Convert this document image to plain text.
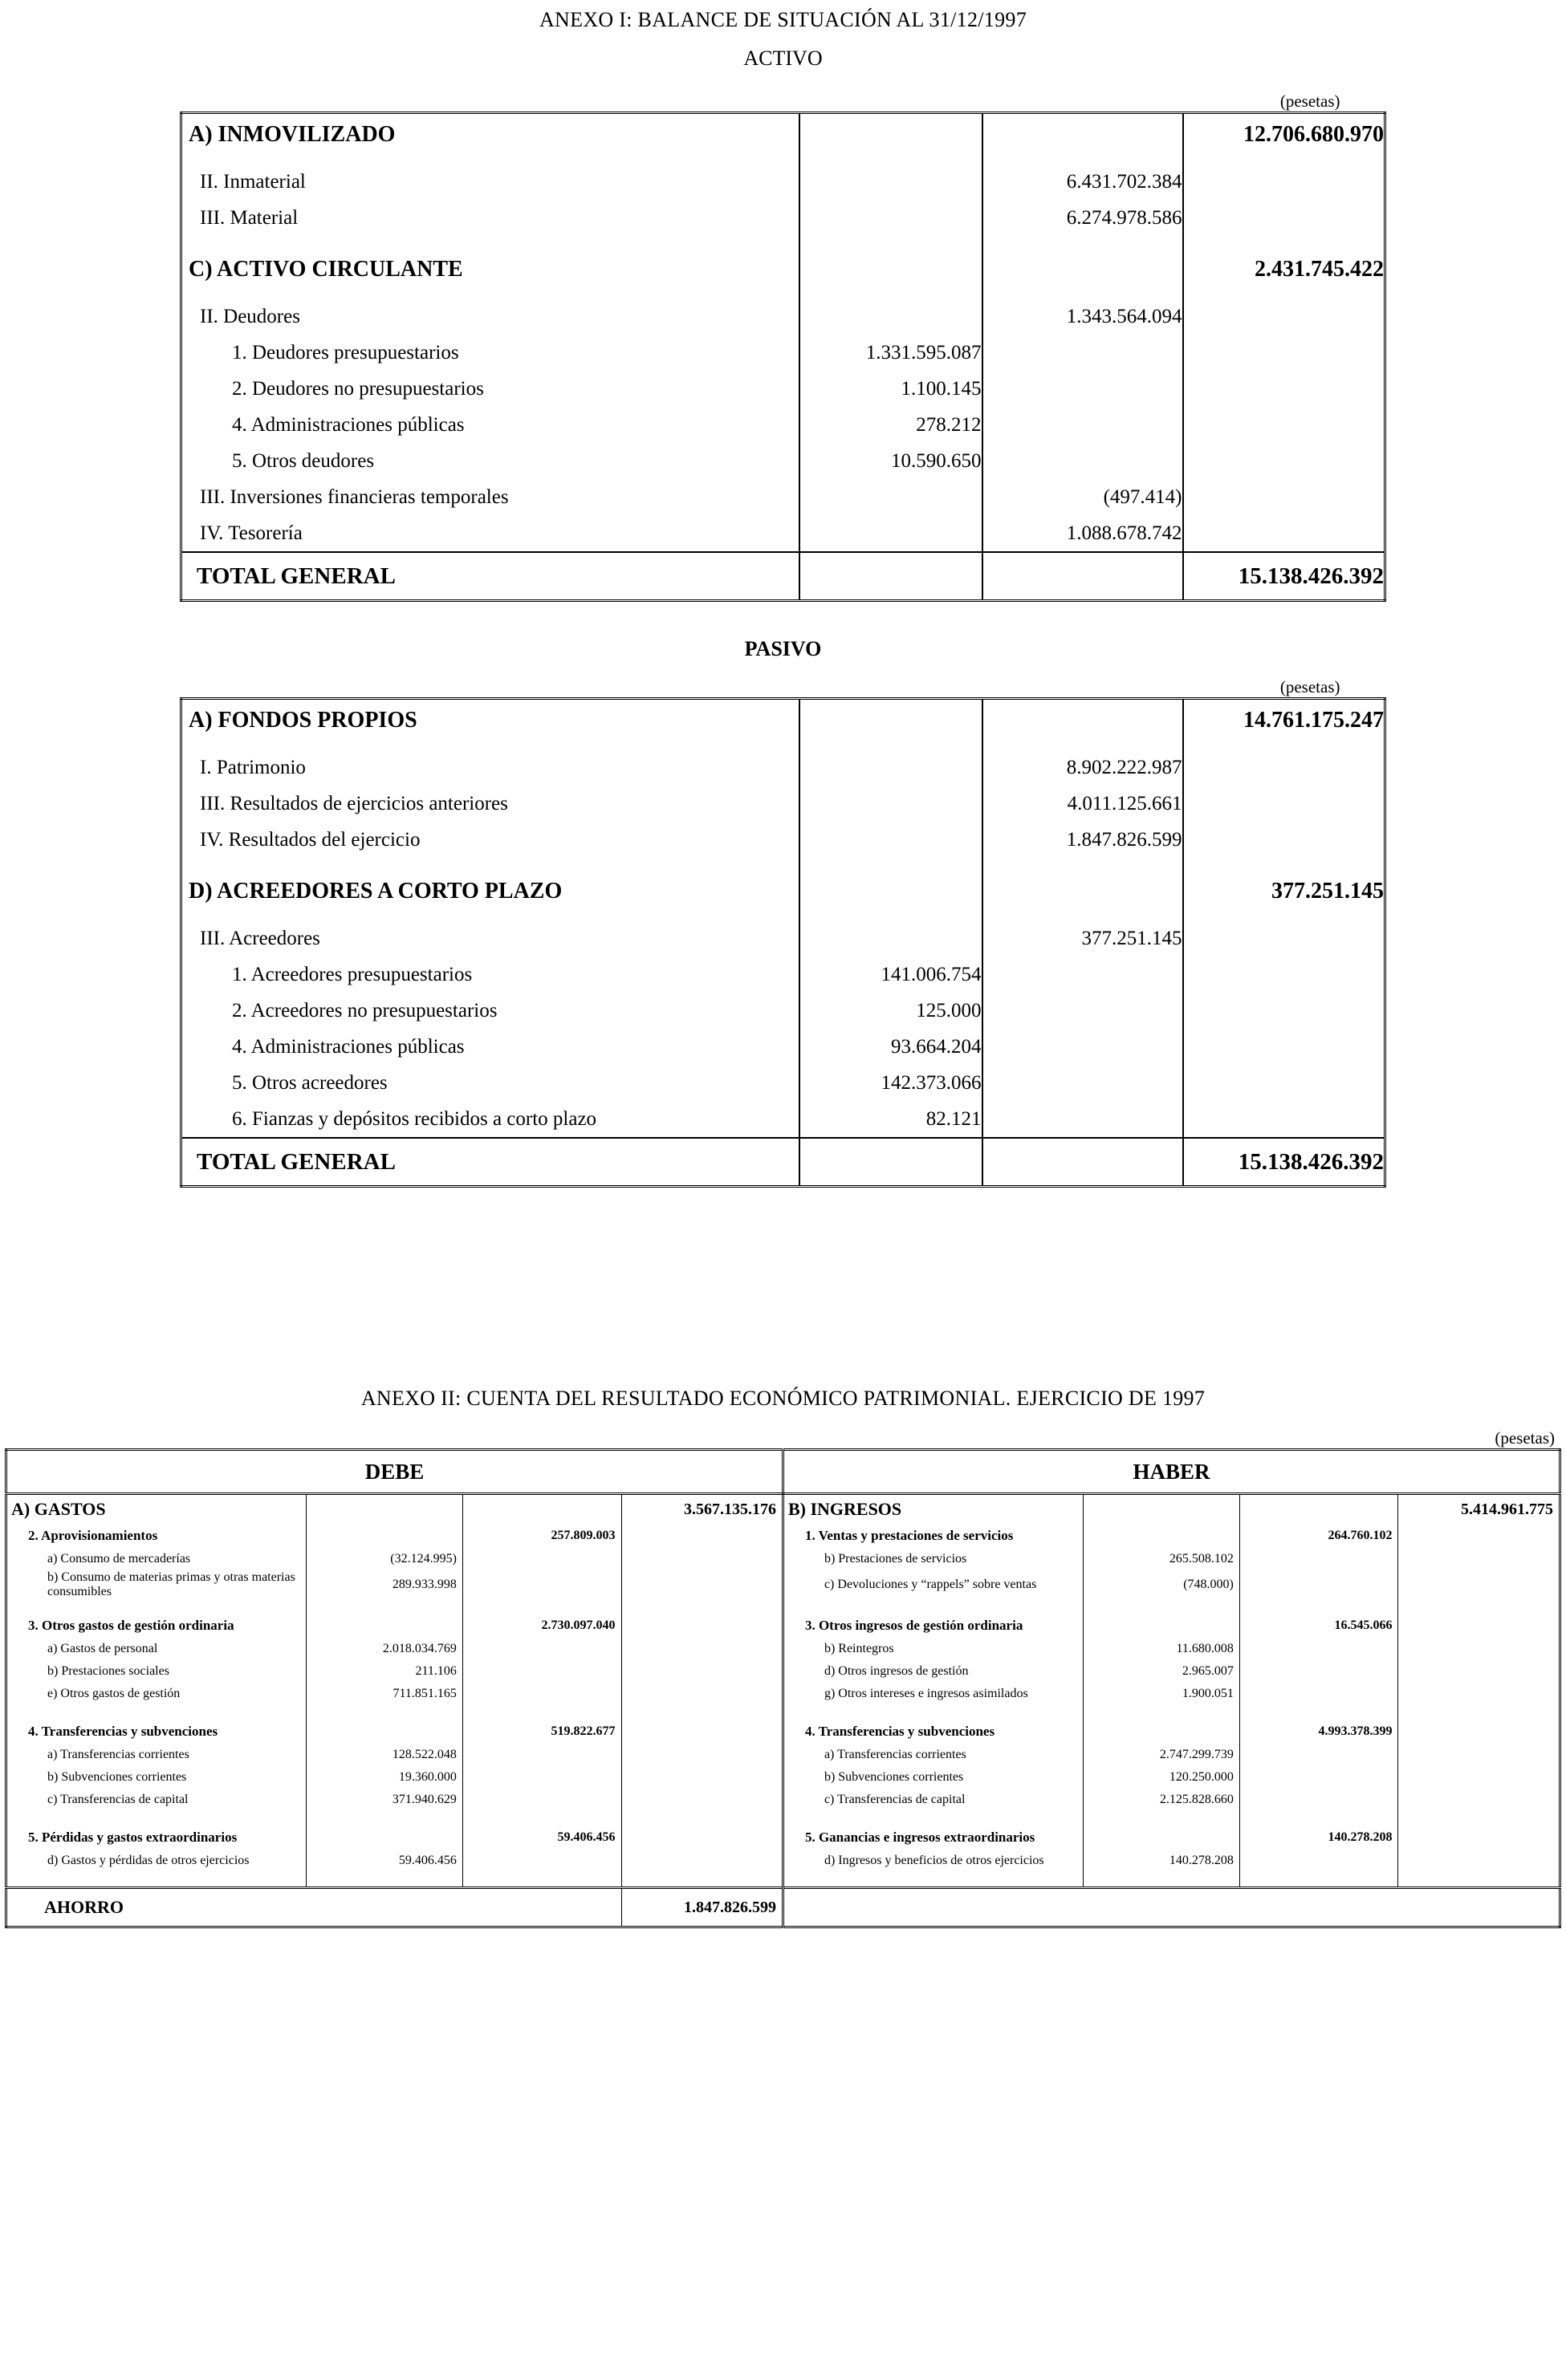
ANEXO I: BALANCE DE SITUACIÓN AL 31/12/1997
ACTIVO
(pesetas)
A) INMOVILIZADO			12.706.680.970

II. Inmaterial		6.431.702.384	
III. Material		6.274.978.586	

C) ACTIVO CIRCULANTE			2.431.745.422

II. Deudores		1.343.564.094	
1. Deudores presupuestarios	1.331.595.087		
2. Deudores no presupuestarios	1.100.145		
4. Administraciones públicas	278.212		
5. Otros deudores	10.590.650		
III. Inversiones financieras temporales		(497.414)	
IV. Tesorería		1.088.678.742	
TOTAL GENERAL			15.138.426.392
PASIVO
(pesetas)
A) FONDOS PROPIOS			14.761.175.247

I. Patrimonio		8.902.222.987	
III. Resultados de ejercicios anteriores		4.011.125.661	
IV. Resultados del ejercicio		1.847.826.599	

D) ACREEDORES A CORTO PLAZO			377.251.145

III. Acreedores		377.251.145	
1. Acreedores presupuestarios	141.006.754		
2. Acreedores no presupuestarios	125.000		
4. Administraciones públicas	93.664.204		
5. Otros acreedores	142.373.066		
6. Fianzas y depósitos recibidos a corto plazo	82.121		
TOTAL GENERAL			15.138.426.392
ANEXO II: CUENTA DEL RESULTADO ECONÓMICO PATRIMONIAL. EJERCICIO DE 1997
(pesetas)
DEBE				HABER			
A) GASTOS			3.567.135.176	B) INGRESOS			5.414.961.775
2. Aprovisionamientos		257.809.003		1. Ventas y prestaciones de servicios		264.760.102	
a) Consumo de mercaderías	(32.124.995)			b) Prestaciones de servicios	265.508.102		
b) Consumo de materias primas y otras materias consumibles	289.933.998			c) Devoluciones y “rappels” sobre ventas	(748.000)		

3. Otros gastos de gestión ordinaria		2.730.097.040		3. Otros ingresos de gestión ordinaria		16.545.066	
a) Gastos de personal	2.018.034.769			b) Reintegros	11.680.008		
b) Prestaciones sociales	211.106			d) Otros ingresos de gestión	2.965.007		
e) Otros gastos de gestión	711.851.165			g) Otros intereses e ingresos asimilados	1.900.051		

4. Transferencias y subvenciones		519.822.677		4. Transferencias y subvenciones		4.993.378.399	
a) Transferencias corrientes	128.522.048			a) Transferencias corrientes	2.747.299.739		
b) Subvenciones corrientes	19.360.000			b) Subvenciones corrientes	120.250.000		
c) Transferencias de capital	371.940.629			c) Transferencias de capital	2.125.828.660		

5. Pérdidas y gastos extraordinarios		59.406.456		5. Ganancias e ingresos extraordinarios		140.278.208	
d) Gastos y pérdidas de otros ejercicios	59.406.456			d) Ingresos y beneficios de otros ejercicios	140.278.208		

AHORRO			1.847.826.599				
